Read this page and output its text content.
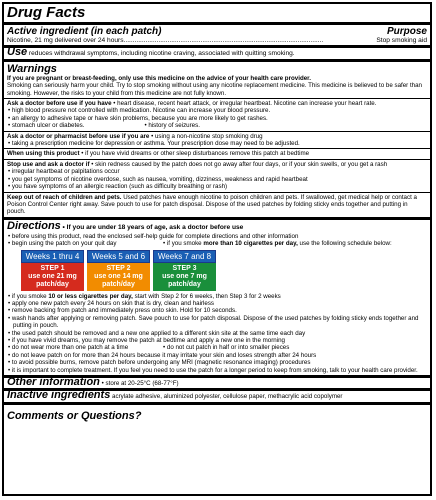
Drug Facts
Active ingredient (in each patch)	Purpose
Nicotine, 21 mg delivered over 24 hours.............................................................................................................	Stop smoking aid
Use reduces withdrawal symptoms, including nicotine craving, associated with quitting smoking.
Warnings
If you are pregnant or breast-feeding, only use this medicine on the advice of your health care provider.
Smoking can seriously harm your child. Try to stop smoking without using any nicotine replacement medicine. This medicine is believed to be safer than smoking. However, the risks to your child from this medicine are not fully known.
Ask a doctor before use if you have • heart disease, recent heart attack, or irregular heartbeat. Nicotine can increase your heart rate.
• high blood pressure not controlled with medication. Nicotine can increase your blood pressure.
• an allergy to adhesive tape or have skin problems, because you are more likely to get rashes.
• stomach ulcer or diabetes.	• history of seizures.
Ask a doctor or pharmacist before use if you are • using a non-nicotine stop smoking drug
• taking a prescription medicine for depression or asthma. Your prescription dose may need to be adjusted.
When using this product • if you have vivid dreams or other sleep disturbances remove this patch at bedtime
Stop use and ask a doctor if • skin redness caused by the patch does not go away after four days, or if your skin swells, or you get a rash
• irregular heartbeat or palpitations occur
• you get symptoms of nicotine overdose, such as nausea, vomiting, dizziness, weakness and rapid heartbeat
• you have symptoms of an allergic reaction (such as difficulty breathing or rash)
Keep out of reach of children and pets. Used patches have enough nicotine to poison children and pets. If swallowed, get medical help or contact a Poison Control Center right away. Save pouch to use for patch disposal. Dispose of the used patches by folding sticky ends together and putting in pouch.
Directions • If you are under 18 years of age, ask a doctor before use
• before using this product, read the enclosed self-help guide for complete directions and other information
• begin using the patch on your quit day	• if you smoke more than 10 cigarettes per day, use the following schedule below:
Weeks 1 thru 4
STEP 1
use one 21 mg patch/day
Weeks 5 and 6
STEP 2
use one 14 mg patch/day
Weeks 7 and 8
STEP 3
use one 7 mg patch/day
• if you smoke 10 or less cigarettes per day, start with Step 2 for 6 weeks, then Step 3 for 2 weeks
• apply one new patch every 24 hours on skin that is dry, clean and hairless
• remove backing from patch and immediately press onto skin. Hold for 10 seconds.
• wash hands after applying or removing patch. Save pouch to use for patch disposal. Dispose of the used patches by folding sticky ends together and putting in pouch.
• the used patch should be removed and a new one applied to a different skin site at the same time each day
• if you have vivid dreams, you may remove the patch at bedtime and apply a new one in the morning
• do not wear more than one patch at a time	• do not cut patch in half or into smaller pieces
• do not leave patch on for more than 24 hours because it may irritate your skin and loses strength after 24 hours
• to avoid possible burns, remove patch before undergoing any MRI (magnetic resonance imaging) procedures
• it is important to complete treatment. If you feel you need to use the patch for a longer period to keep from smoking, talk to your health care provider.
Other information • store at 20-25°C (68-77°F)
Inactive ingredients acrylate adhesive, aluminized polyester, cellulose paper, methacrylic acid copolymer
Comments or Questions?
